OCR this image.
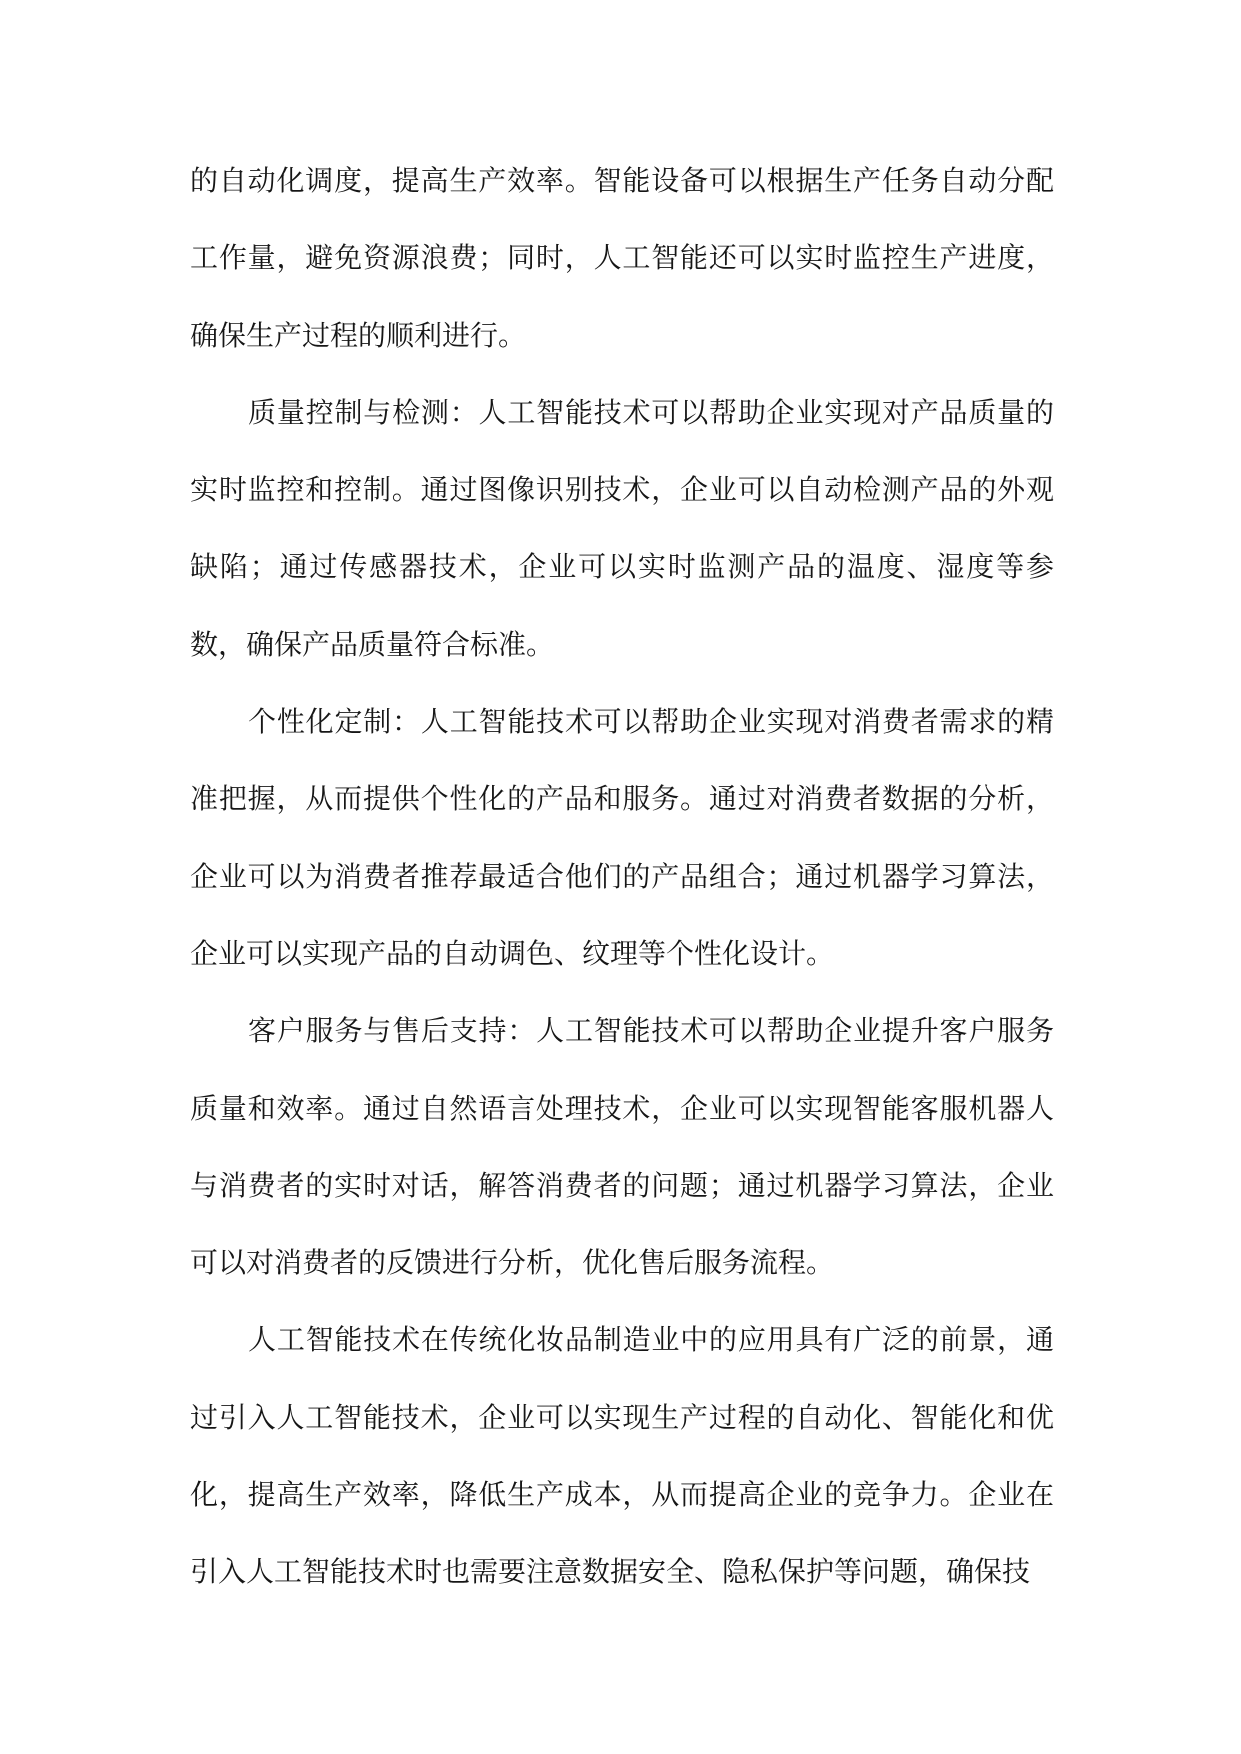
的自动化调度，提高生产效率。智能设备可以根据生产任务自动分配工作量，避免资源浪费；同时，人工智能还可以实时监控生产进度，确保生产过程的顺利进行。

质量控制与检测：人工智能技术可以帮助企业实现对产品质量的实时监控和控制。通过图像识别技术，企业可以自动检测产品的外观缺陷；通过传感器技术，企业可以实时监测产品的温度、湿度等参数，确保产品质量符合标准。

个性化定制：人工智能技术可以帮助企业实现对消费者需求的精准把握，从而提供个性化的产品和服务。通过对消费者数据的分析，企业可以为消费者推荐最适合他们的产品组合；通过机器学习算法，企业可以实现产品的自动调色、纹理等个性化设计。

客户服务与售后支持：人工智能技术可以帮助企业提升客户服务质量和效率。通过自然语言处理技术，企业可以实现智能客服机器人与消费者的实时对话，解答消费者的问题；通过机器学习算法，企业可以对消费者的反馈进行分析，优化售后服务流程。

人工智能技术在传统化妆品制造业中的应用具有广泛的前景，通过引入人工智能技术，企业可以实现生产过程的自动化、智能化和优化，提高生产效率，降低生产成本，从而提高企业的竞争力。企业在引入人工智能技术时也需要注意数据安全、隐私保护等问题，确保技
